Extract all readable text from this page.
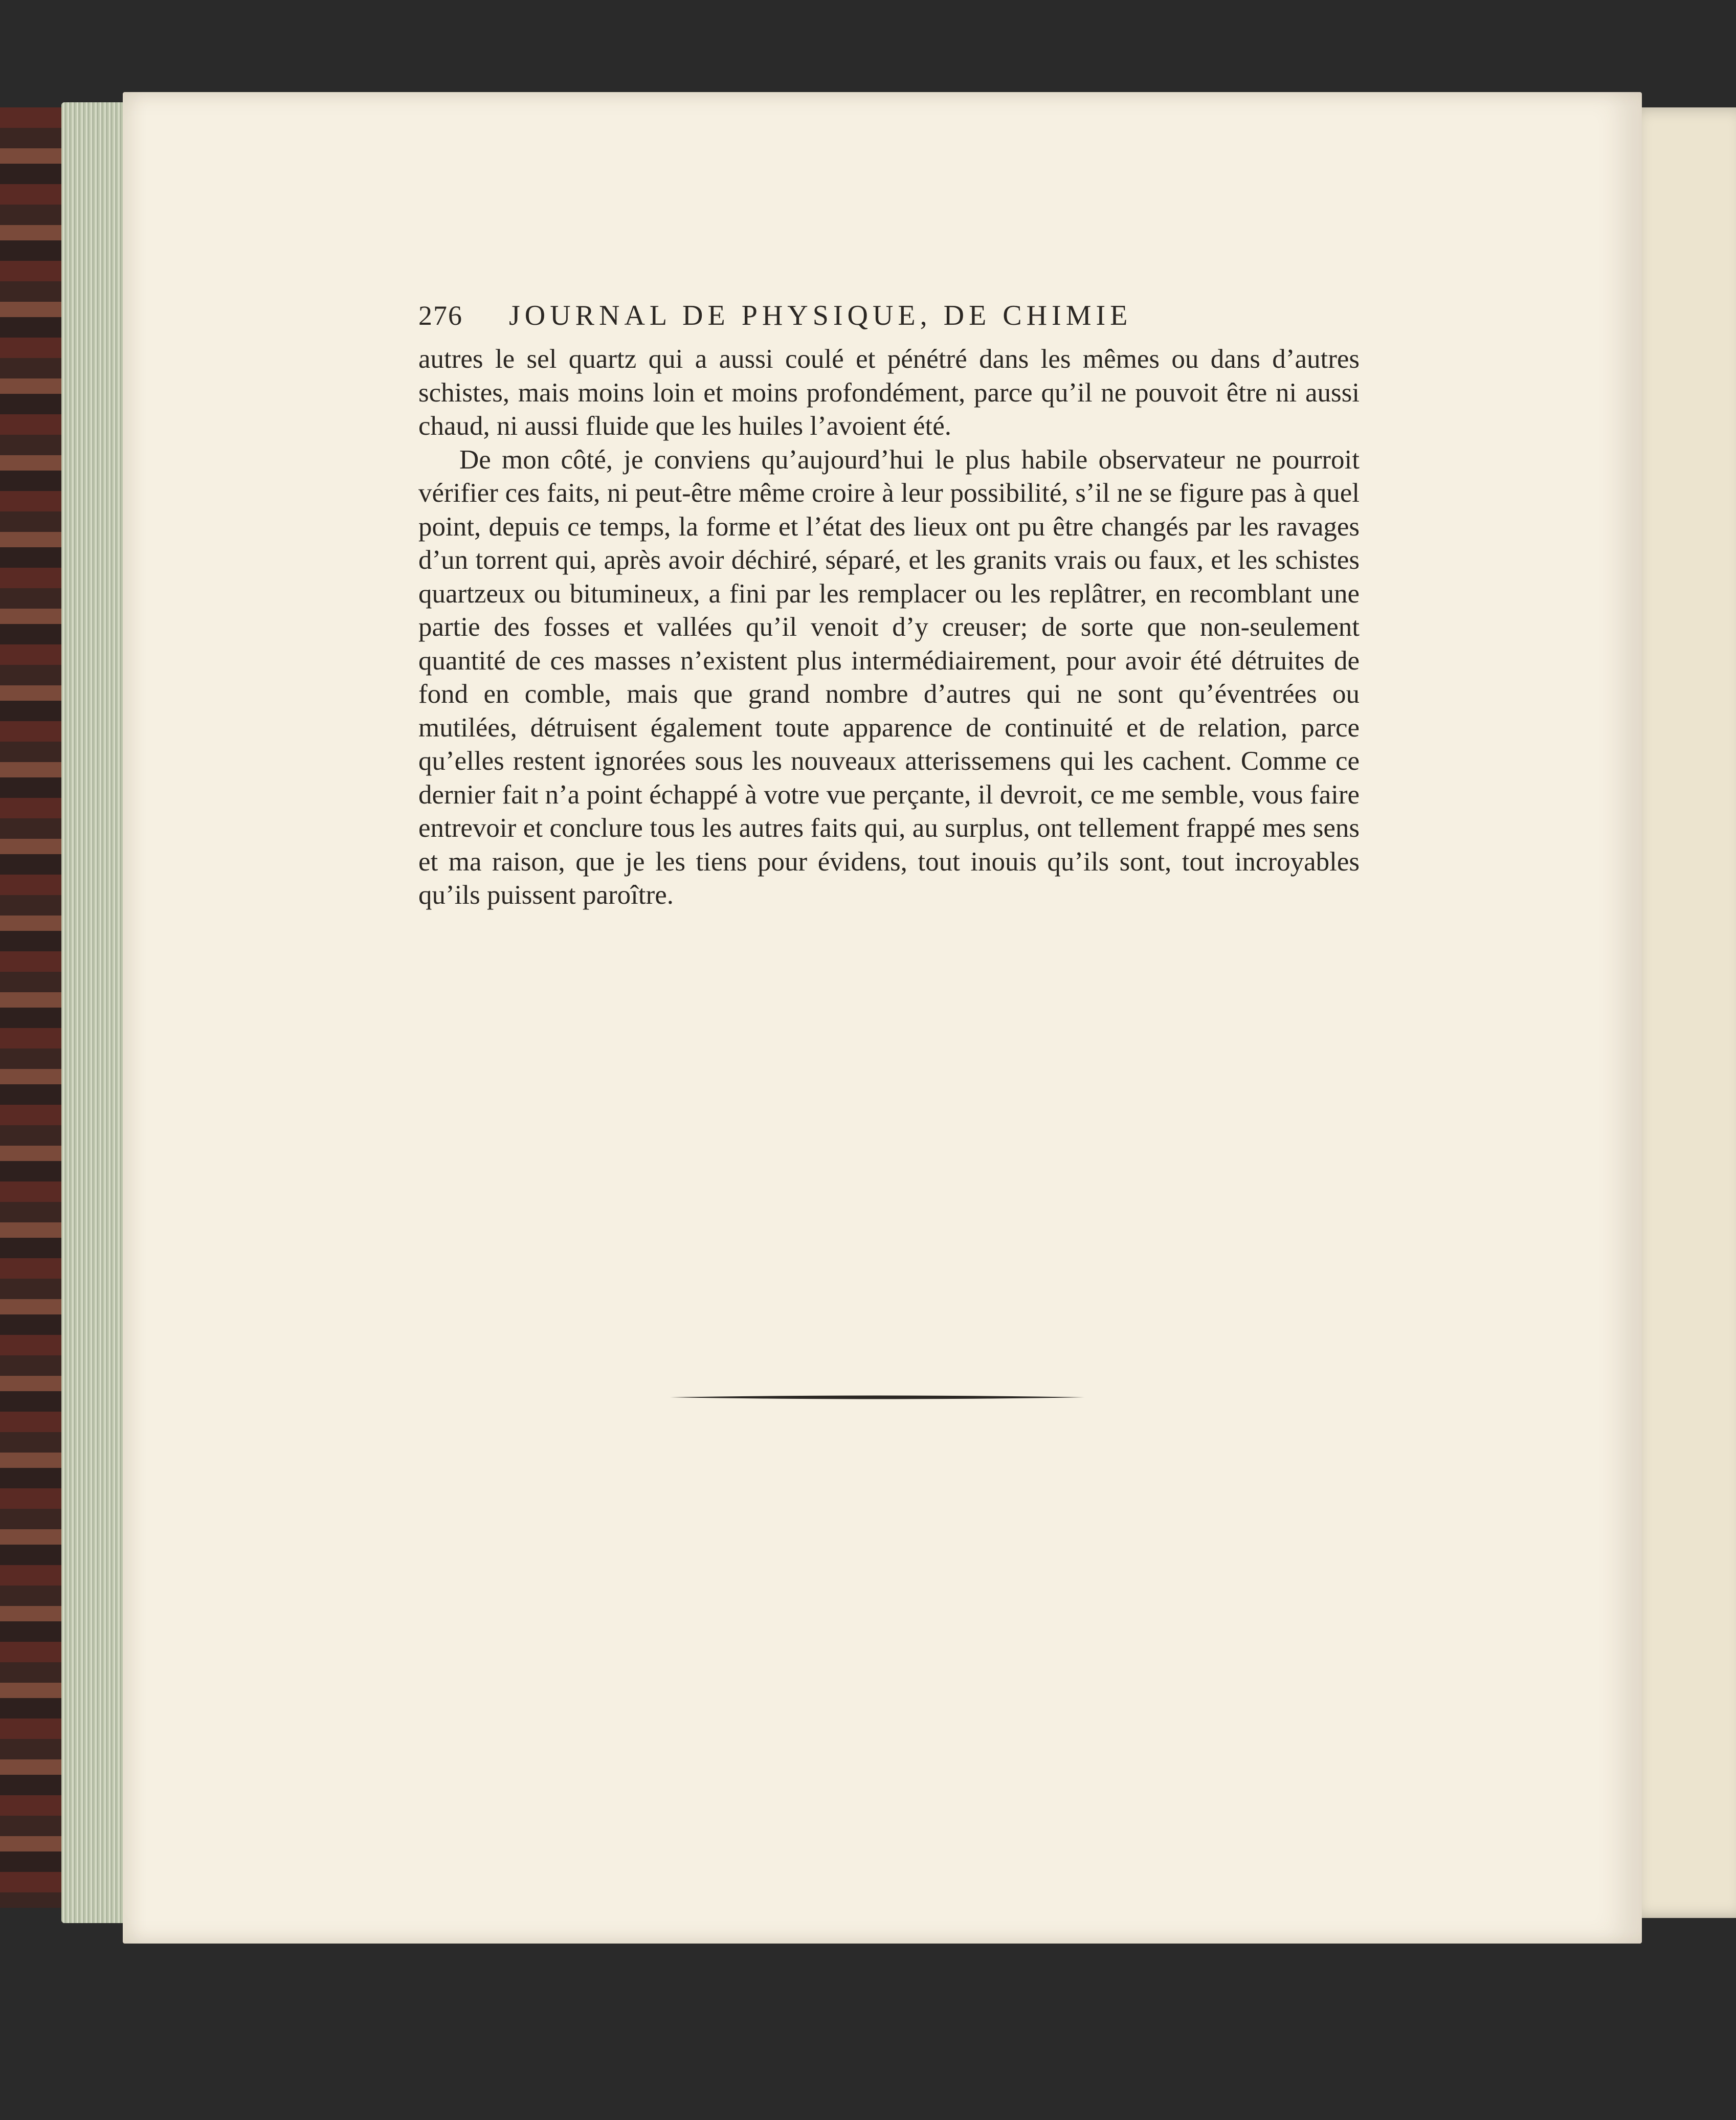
276 JOURNAL DE PHYSIQUE, DE CHIMIE

autres le sel quartz qui a aussi coulé et pénétré dans les mêmes ou dans d’autres schistes, mais moins loin et moins profondément, parce qu’il ne pouvoit être ni aussi chaud, ni aussi fluide que les huiles l’avoient été.

De mon côté, je conviens qu’aujourd’hui le plus habile observateur ne pourroit vérifier ces faits, ni peut-être même croire à leur possibilité, s’il ne se figure pas à quel point, depuis ce temps, la forme et l’état des lieux ont pu être changés par les ravages d’un torrent qui, après avoir déchiré, séparé, et les granits vrais ou faux, et les schistes quartzeux ou bitumineux, a fini par les remplacer ou les replâtrer, en recomblant une partie des fosses et vallées qu’il venoit d’y creuser; de sorte que non-seulement quantité de ces masses n’existent plus intermédiairement, pour avoir été détruites de fond en comble, mais que grand nombre d’autres qui ne sont qu’éventrées ou mutilées, détruisent également toute apparence de continuité et de relation, parce qu’elles restent ignorées sous les nouveaux atterissemens qui les cachent. Comme ce dernier fait n’a point échappé à votre vue perçante, il devroit, ce me semble, vous faire entrevoir et conclure tous les autres faits qui, au surplus, ont tellement frappé mes sens et ma raison, que je les tiens pour évidens, tout inouis qu’ils sont, tout incroyables qu’ils puissent paroître.
